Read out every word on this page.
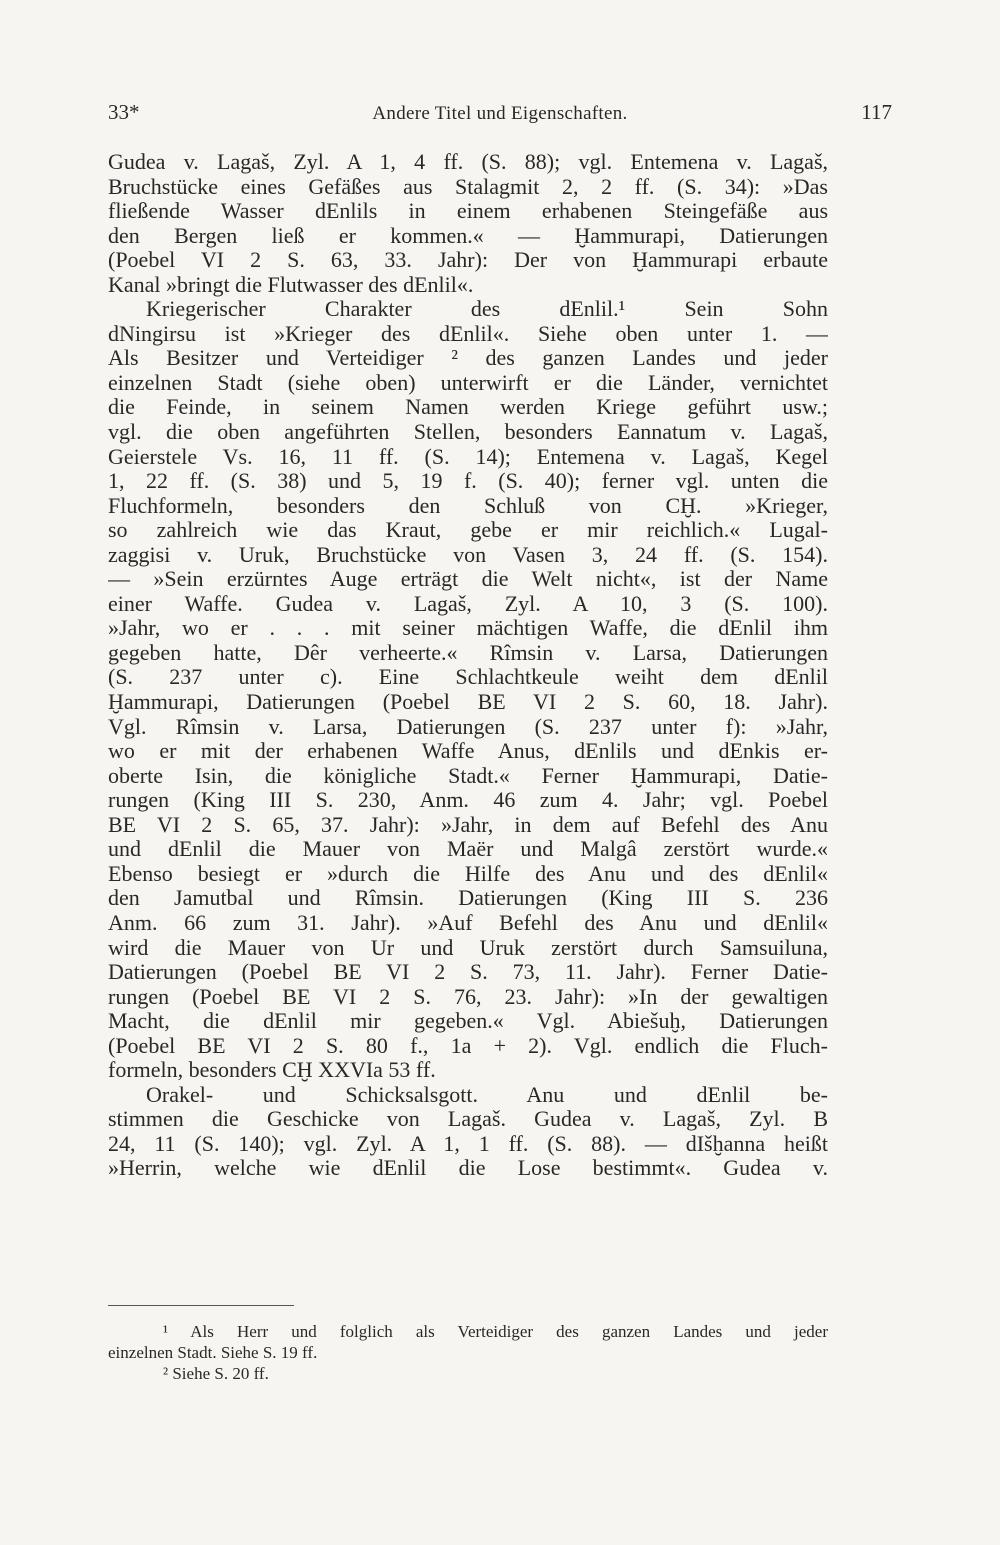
33*	Andere Titel und Eigenschaften.	117
Gudea v. Lagaš, Zyl. A 1, 4 ff. (S. 88); vgl. Entemena v. Lagaš,
Bruchstücke eines Gefäßes aus Stalagmit 2, 2 ff. (S. 34): »Das
fließende Wasser dEnlils in einem erhabenen Steingefäße aus
den Bergen ließ er kommen.« — Ḫammurapi, Datierungen
(Poebel VI 2 S. 63, 33. Jahr): Der von Ḫammurapi erbaute
Kanal »bringt die Flutwasser des dEnlil«.
Kriegerischer Charakter des dEnlil.¹ Sein Sohn
dNingirsu ist »Krieger des dEnlil«. Siehe oben unter 1. —
Als Besitzer und Verteidiger ² des ganzen Landes und jeder
einzelnen Stadt (siehe oben) unterwirft er die Länder, vernichtet
die Feinde, in seinem Namen werden Kriege geführt usw.;
vgl. die oben angeführten Stellen, besonders Eannatum v. Lagaš,
Geierstele Vs. 16, 11 ff. (S. 14); Entemena v. Lagaš, Kegel
1, 22 ff. (S. 38) und 5, 19 f. (S. 40); ferner vgl. unten die
Fluchformeln, besonders den Schluß von CḪ. »Krieger,
so zahlreich wie das Kraut, gebe er mir reichlich.« Lugal-
zaggisi v. Uruk, Bruchstücke von Vasen 3, 24 ff. (S. 154).
— »Sein erzürntes Auge erträgt die Welt nicht«, ist der Name
einer Waffe. Gudea v. Lagaš, Zyl. A 10, 3 (S. 100).
»Jahr, wo er . . . mit seiner mächtigen Waffe, die dEnlil ihm
gegeben hatte, Dêr verheerte.« Rîmsin v. Larsa, Datierungen
(S. 237 unter c). Eine Schlachtkeule weiht dem dEnlil
Ḫammurapi, Datierungen (Poebel BE VI 2 S. 60, 18. Jahr).
Vgl. Rîmsin v. Larsa, Datierungen (S. 237 unter f): »Jahr,
wo er mit der erhabenen Waffe Anus, dEnlils und dEnkis er-
oberte Isin, die königliche Stadt.« Ferner Ḫammurapi, Datie-
rungen (King III S. 230, Anm. 46 zum 4. Jahr; vgl. Poebel
BE VI 2 S. 65, 37. Jahr): »Jahr, in dem auf Befehl des Anu
und dEnlil die Mauer von Maër und Malgâ zerstört wurde.«
Ebenso besiegt er »durch die Hilfe des Anu und des dEnlil«
den Jamutbal und Rîmsin. Datierungen (King III S. 236
Anm. 66 zum 31. Jahr). »Auf Befehl des Anu und dEnlil«
wird die Mauer von Ur und Uruk zerstört durch Samsuiluna,
Datierungen (Poebel BE VI 2 S. 73, 11. Jahr). Ferner Datie-
rungen (Poebel BE VI 2 S. 76, 23. Jahr): »In der gewaltigen
Macht, die dEnlil mir gegeben.« Vgl. Abiešuḫ, Datierungen
(Poebel BE VI 2 S. 80 f., 1a + 2). Vgl. endlich die Fluch-
formeln, besonders CḪ XXVIa 53 ff.
Orakel- und Schicksalsgott. Anu und dEnlil be-
stimmen die Geschicke von Lagaš. Gudea v. Lagaš, Zyl. B
24, 11 (S. 140); vgl. Zyl. A 1, 1 ff. (S. 88). — dIšḫanna heißt
»Herrin, welche wie dEnlil die Lose bestimmt«. Gudea v.
¹ Als Herr und folglich als Verteidiger des ganzen Landes und jeder
einzelnen Stadt. Siehe S. 19 ff.
² Siehe S. 20 ff.
